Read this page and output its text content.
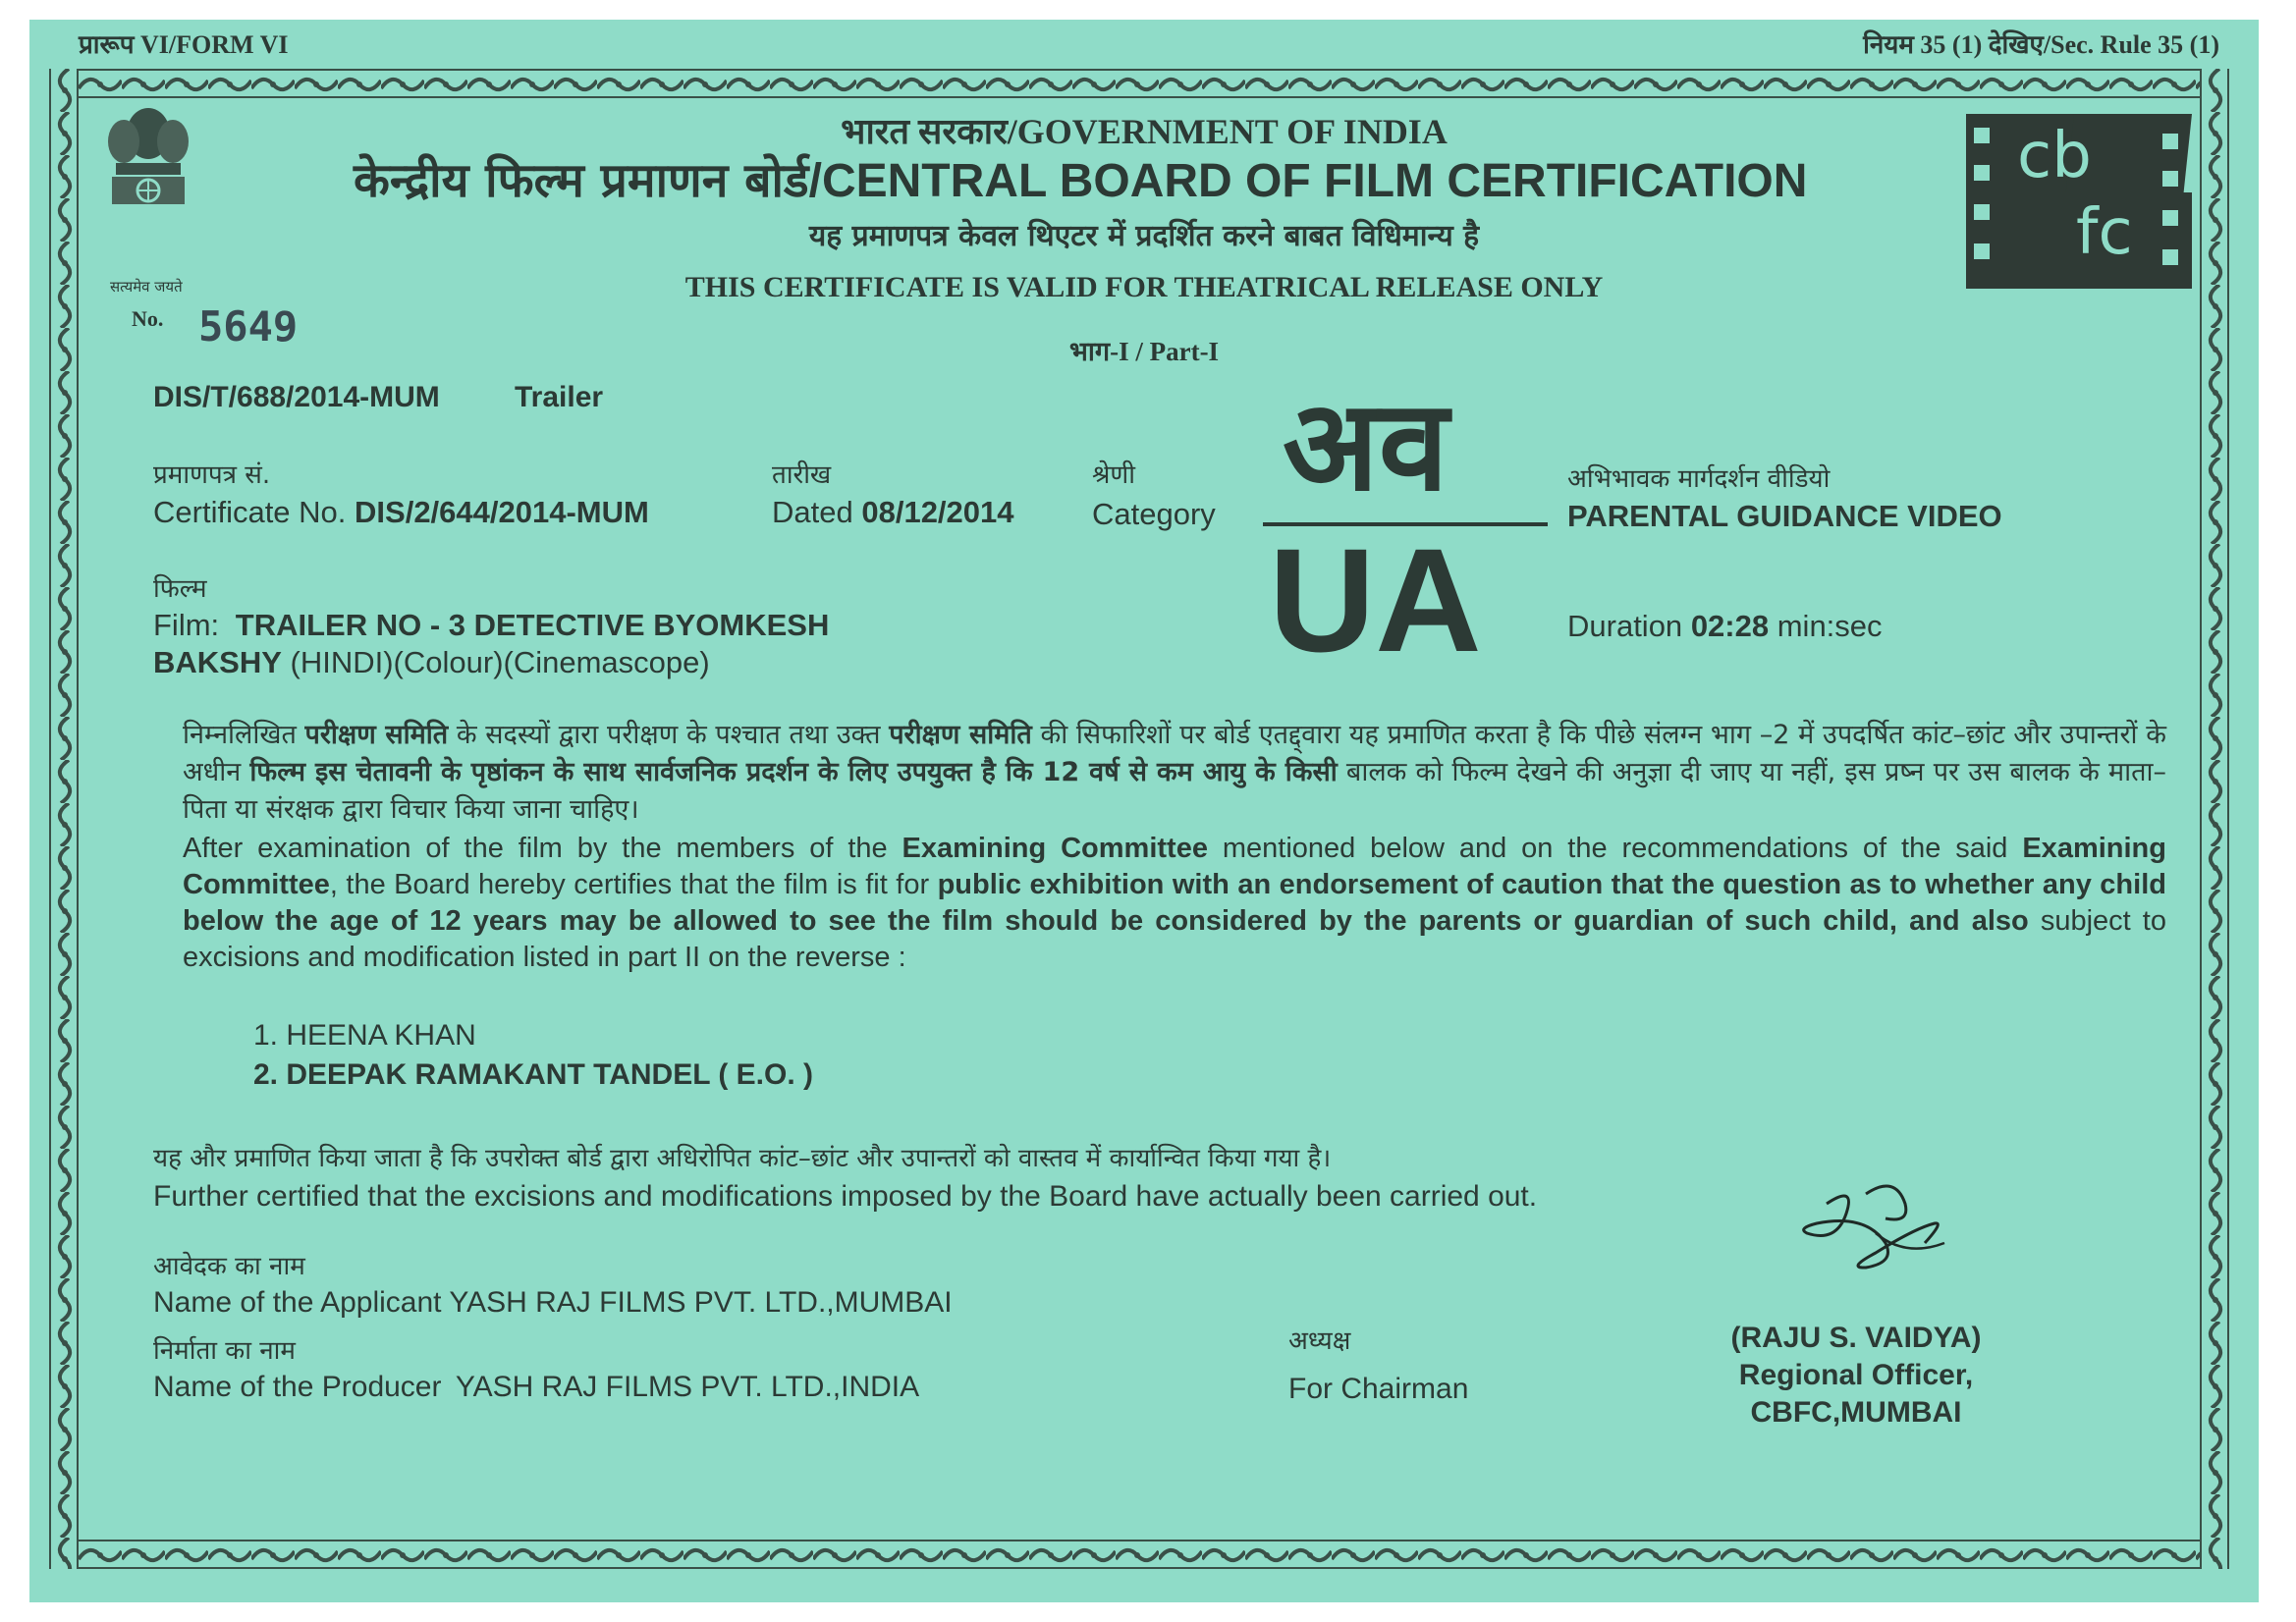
प्रारूप VI/FORM VI	नियम 35 (1) देखिए/Sec. Rule 35 (1)
सत्यमेव जयते
No. 5649
भारत सरकार/GOVERNMENT OF INDIA
केन्द्रीय फिल्म प्रमाणन बोर्ड/CENTRAL BOARD OF FILM CERTIFICATION
यह प्रमाणपत्र केवल थिएटर में प्रदर्शित करने बाबत विधिमान्य है
THIS CERTIFICATE IS VALID FOR THEATRICAL RELEASE ONLY
भाग-I / Part-I
cb
fc
DIS/T/688/2014-MUM	Trailer
प्रमाणपत्र सं.
Certificate No. DIS/2/644/2014-MUM
तारीख
Dated 08/12/2014
श्रेणी
Category अव
UA
अभिभावक मार्गदर्शन वीडियो
PARENTAL GUIDANCE VIDEO
Duration 02:28 min:sec
फिल्म
Film: TRAILER NO - 3 DETECTIVE BYOMKESH
BAKSHY (HINDI)(Colour)(Cinemascope)
निम्नलिखित परीक्षण समिति के सदस्यों द्वारा परीक्षण के पश्चात तथा उक्त परीक्षण समिति की सिफारिशों पर बोर्ड एतद्द्वारा यह प्रमाणित करता है कि पीछे संलग्न भाग –2 में उपदर्षित कांट–छांट और उपान्तरों के अधीन फिल्म इस चेतावनी के पृष्ठांकन के साथ सार्वजनिक प्रदर्शन के लिए उपयुक्त है कि 12 वर्ष से कम आयु के किसी बालक को फिल्म देखने की अनुज्ञा दी जाए या नहीं, इस प्रष्न पर उस बालक के माता–पिता या संरक्षक द्वारा विचार किया जाना चाहिए।
After examination of the film by the members of the Examining Committee mentioned below and on the recommendations of the said Examining Committee, the Board hereby certifies that the film is fit for public exhibition with an endorsement of caution that the question as to whether any child below the age of 12 years may be allowed to see the film should be considered by the parents or guardian of such child, and also subject to excisions and modification listed in part II on the reverse :
1. HEENA KHAN
2. DEEPAK RAMAKANT TANDEL ( E.O. )
यह और प्रमाणित किया जाता है कि उपरोक्त बोर्ड द्वारा अधिरोपित कांट–छांट और उपान्तरों को वास्तव में कार्यान्वित किया गया है।
Further certified that the excisions and modifications imposed by the Board have actually been carried out.
आवेदक का नाम
Name of the Applicant YASH RAJ FILMS PVT. LTD.,MUMBAI
निर्माता का नाम
Name of the Producer YASH RAJ FILMS PVT. LTD.,INDIA
अध्यक्ष
For Chairman
(RAJU S. VAIDYA)
Regional Officer,
CBFC,MUMBAI
